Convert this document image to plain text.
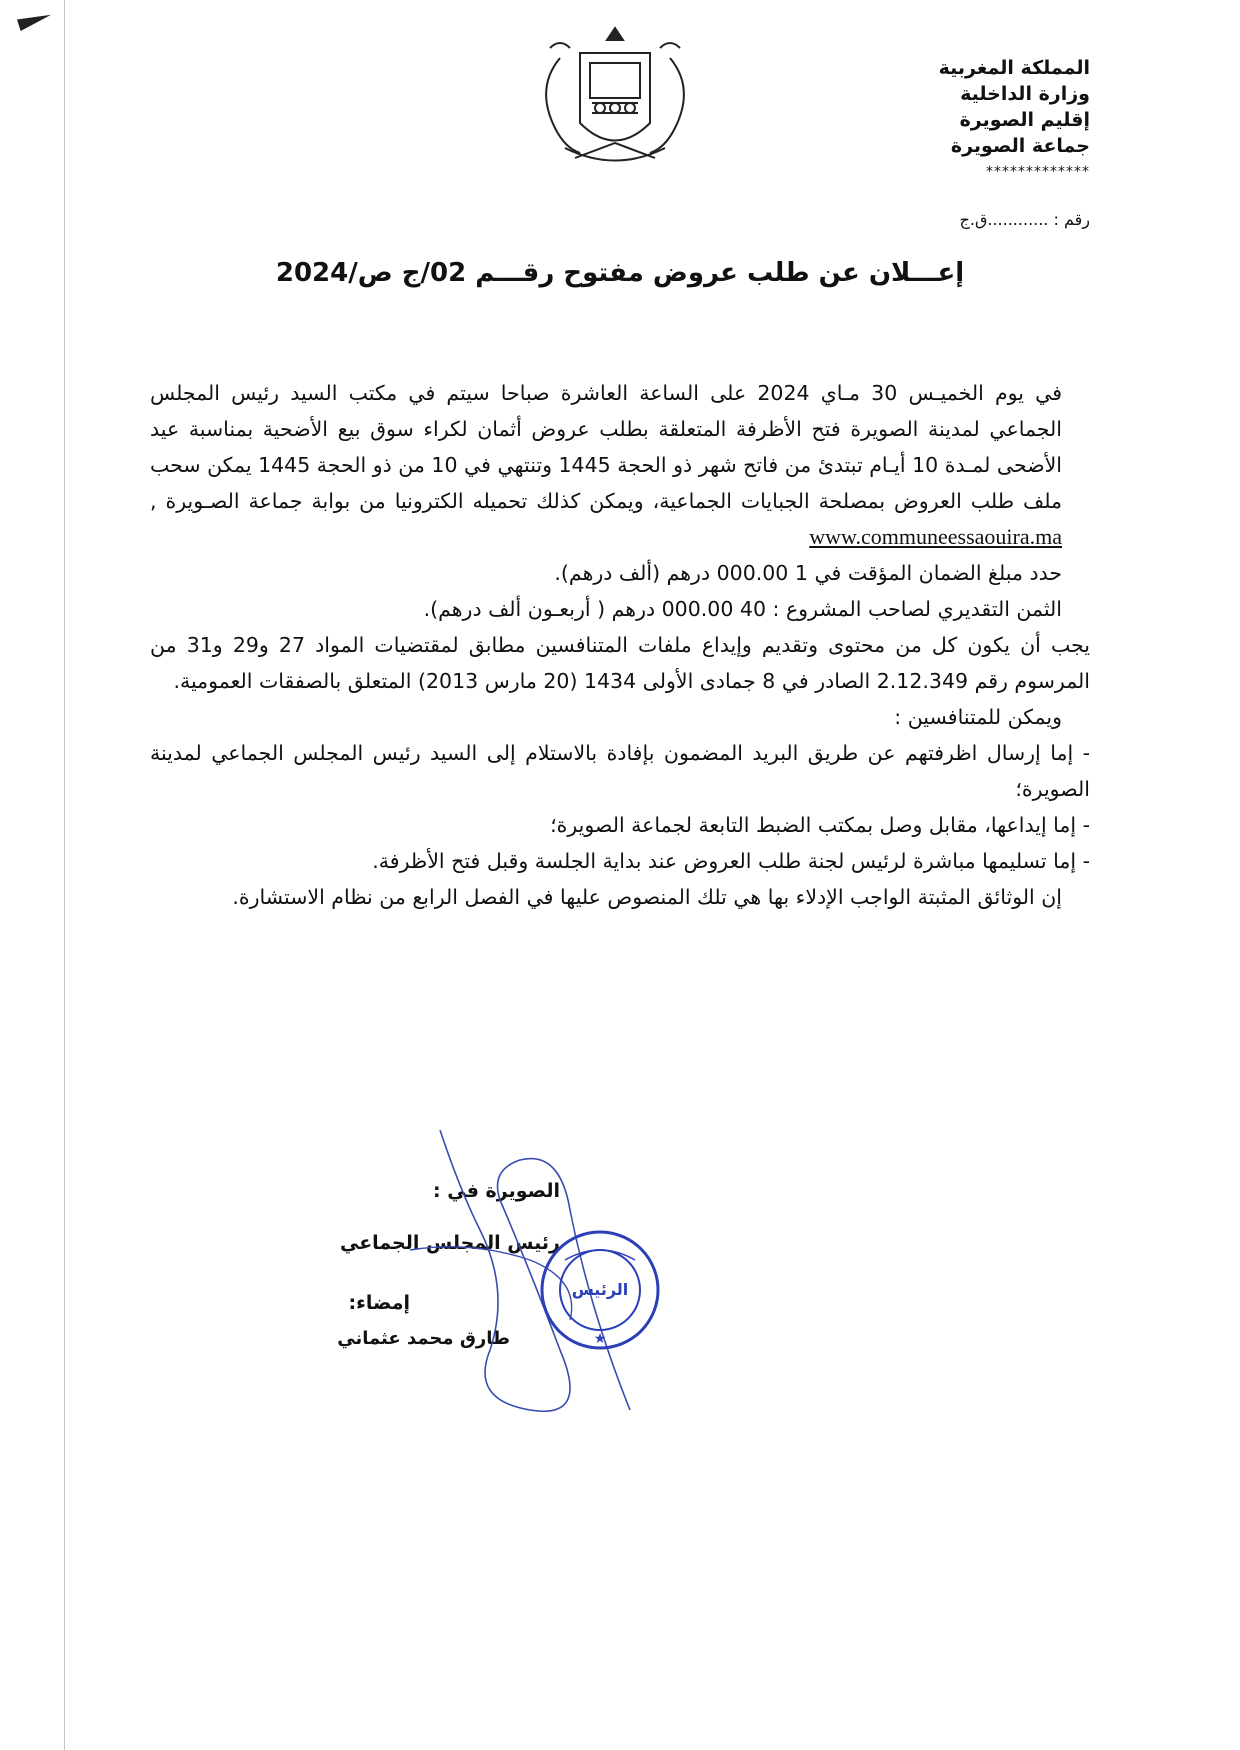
المملكة المغربية
وزارة الداخلية
إقليم الصويرة
جماعة الصويرة
*************
رقم : ............ق.ج
إعـــلان عن طلب عروض مفتوح رقـــم 02/ج ص/2024

في يوم الخميـس 30 مـاي 2024 على الساعة العاشرة صباحا سيتم في مكتب السيد رئيس المجلس الجماعي لمدينة الصويرة فتح الأظرفة المتعلقة بطلب عروض أثمان لكراء سوق بيع الأضحية بمناسبة عيد الأضحى لمـدة 10 أيـام تبتدئ من فاتح شهر ذو الحجة 1445 وتنتهي في 10 من ذو الحجة 1445 يمكن سحب ملف طلب العروض بمصلحة الجبايات الجماعية، ويمكن كذلك تحميله الكترونيا من بوابة جماعة الصـويرة , www.communeessaouira.ma

حدد مبلغ الضمان المؤقت في 1 000.00 درهم (ألف درهم).

الثمن التقديري لصاحب المشروع : 40 000.00 درهم ( أربعـون ألف درهم).

يجب أن يكون كل من محتوى وتقديم وإيداع ملفات المتنافسين مطابق لمقتضيات المواد 27 و29 و31 من المرسوم رقم 2.12.349 الصادر في 8 جمادى الأولى 1434 (20 مارس 2013) المتعلق بالصفقات العمومية.

ويمكن للمتنافسين :

- إما إرسال اظرفتهم عن طريق البريد المضمون بإفادة بالاستلام إلى السيد رئيس المجلس الجماعي لمدينة الصويرة؛

- إما إيداعها، مقابل وصل بمكتب الضبط التابعة لجماعة الصويرة؛

- إما تسليمها مباشرة لرئيس لجنة طلب العروض عند بداية الجلسة وقبل فتح الأظرفة.

إن الوثائق المثبتة الواجب الإدلاء بها هي تلك المنصوص عليها في الفصل الرابع من نظام الاستشارة.

الصويرة في :
رئيس المجلس الجماعي
إمضاء:
طارق محمد عثماني
الرئيس
★
